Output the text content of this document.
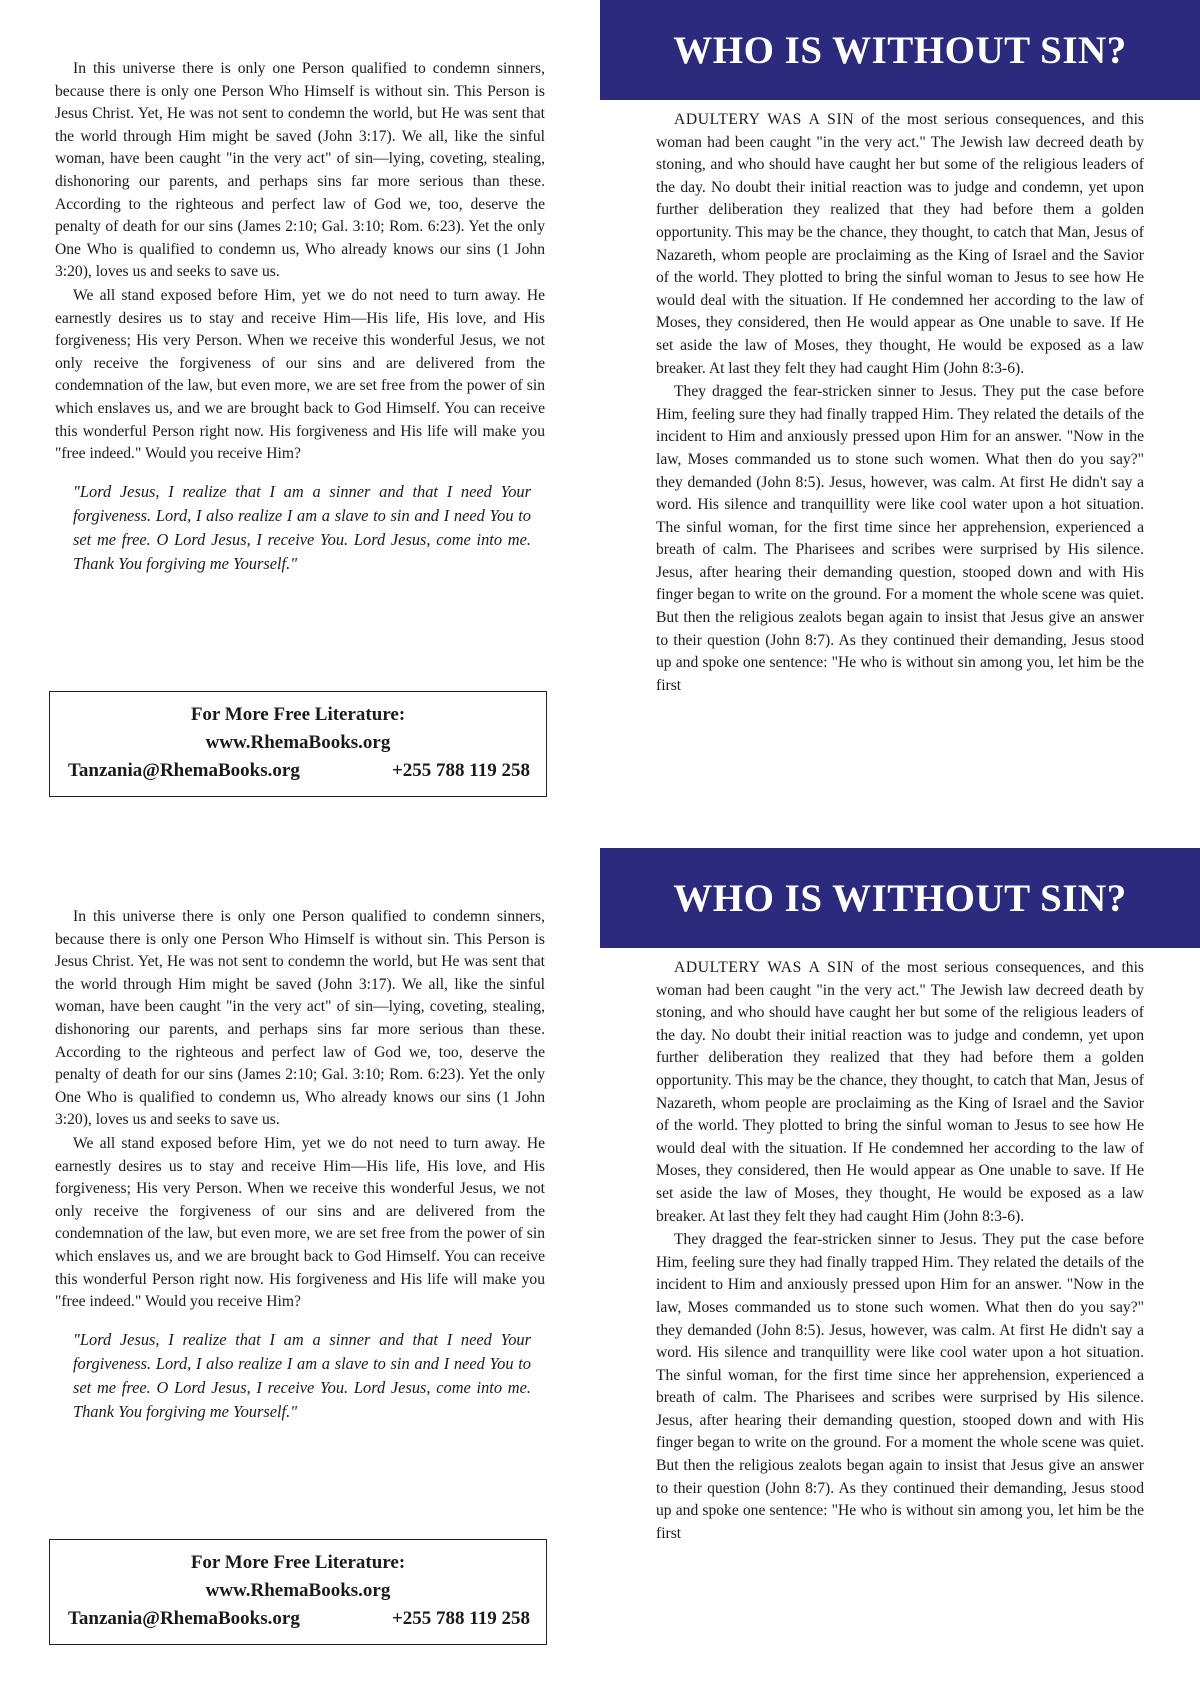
In this universe there is only one Person qualified to condemn sinners, because there is only one Person Who Himself is without sin. This Person is Jesus Christ. Yet, He was not sent to condemn the world, but He was sent that the world through Him might be saved (John 3:17). We all, like the sinful woman, have been caught "in the very act" of sin—lying, coveting, stealing, dishonoring our parents, and perhaps sins far more serious than these. According to the righteous and perfect law of God we, too, deserve the penalty of death for our sins (James 2:10; Gal. 3:10; Rom. 6:23). Yet the only One Who is qualified to condemn us, Who already knows our sins (1 John 3:20), loves us and seeks to save us.

We all stand exposed before Him, yet we do not need to turn away. He earnestly desires us to stay and receive Him—His life, His love, and His forgiveness; His very Person. When we receive this wonderful Jesus, we not only receive the forgiveness of our sins and are delivered from the condemnation of the law, but even more, we are set free from the power of sin which enslaves us, and we are brought back to God Himself. You can receive this wonderful Person right now. His forgiveness and His life will make you "free indeed." Would you receive Him?

"Lord Jesus, I realize that I am a sinner and that I need Your forgiveness. Lord, I also realize I am a slave to sin and I need You to set me free. O Lord Jesus, I receive You. Lord Jesus, come into me. Thank You forgiving me Yourself."

For More Free Literature:
www.RhemaBooks.org
Tanzania@RhemaBooks.org	+255 788 119 258
WHO IS WITHOUT SIN?

ADULTERY WAS A SIN of the most serious consequences, and this woman had been caught "in the very act." The Jewish law decreed death by stoning, and who should have caught her but some of the religious leaders of the day. No doubt their initial reaction was to judge and condemn, yet upon further deliberation they realized that they had before them a golden opportunity. This may be the chance, they thought, to catch that Man, Jesus of Nazareth, whom people are proclaiming as the King of Israel and the Savior of the world. They plotted to bring the sinful woman to Jesus to see how He would deal with the situation. If He condemned her according to the law of Moses, they considered, then He would appear as One unable to save. If He set aside the law of Moses, they thought, He would be exposed as a law breaker. At last they felt they had caught Him (John 8:3-6).

They dragged the fear-stricken sinner to Jesus. They put the case before Him, feeling sure they had finally trapped Him. They related the details of the incident to Him and anxiously pressed upon Him for an answer. "Now in the law, Moses commanded us to stone such women. What then do you say?" they demanded (John 8:5). Jesus, however, was calm. At first He didn't say a word. His silence and tranquillity were like cool water upon a hot situation. The sinful woman, for the first time since her apprehension, experienced a breath of calm. The Pharisees and scribes were surprised by His silence. Jesus, after hearing their demanding question, stooped down and with His finger began to write on the ground. For a moment the whole scene was quiet. But then the religious zealots began again to insist that Jesus give an answer to their question (John 8:7). As they continued their demanding, Jesus stood up and spoke one sentence: "He who is without sin among you, let him be the first

In this universe there is only one Person qualified to condemn sinners, because there is only one Person Who Himself is without sin. This Person is Jesus Christ. Yet, He was not sent to condemn the world, but He was sent that the world through Him might be saved (John 3:17). We all, like the sinful woman, have been caught "in the very act" of sin—lying, coveting, stealing, dishonoring our parents, and perhaps sins far more serious than these. According to the righteous and perfect law of God we, too, deserve the penalty of death for our sins (James 2:10; Gal. 3:10; Rom. 6:23). Yet the only One Who is qualified to condemn us, Who already knows our sins (1 John 3:20), loves us and seeks to save us.

We all stand exposed before Him, yet we do not need to turn away. He earnestly desires us to stay and receive Him—His life, His love, and His forgiveness; His very Person. When we receive this wonderful Jesus, we not only receive the forgiveness of our sins and are delivered from the condemnation of the law, but even more, we are set free from the power of sin which enslaves us, and we are brought back to God Himself. You can receive this wonderful Person right now. His forgiveness and His life will make you "free indeed." Would you receive Him?

"Lord Jesus, I realize that I am a sinner and that I need Your forgiveness. Lord, I also realize I am a slave to sin and I need You to set me free. O Lord Jesus, I receive You. Lord Jesus, come into me. Thank You forgiving me Yourself."

For More Free Literature:
www.RhemaBooks.org
Tanzania@RhemaBooks.org	+255 788 119 258
WHO IS WITHOUT SIN?

ADULTERY WAS A SIN of the most serious consequences, and this woman had been caught "in the very act." The Jewish law decreed death by stoning, and who should have caught her but some of the religious leaders of the day. No doubt their initial reaction was to judge and condemn, yet upon further deliberation they realized that they had before them a golden opportunity. This may be the chance, they thought, to catch that Man, Jesus of Nazareth, whom people are proclaiming as the King of Israel and the Savior of the world. They plotted to bring the sinful woman to Jesus to see how He would deal with the situation. If He condemned her according to the law of Moses, they considered, then He would appear as One unable to save. If He set aside the law of Moses, they thought, He would be exposed as a law breaker. At last they felt they had caught Him (John 8:3-6).

They dragged the fear-stricken sinner to Jesus. They put the case before Him, feeling sure they had finally trapped Him. They related the details of the incident to Him and anxiously pressed upon Him for an answer. "Now in the law, Moses commanded us to stone such women. What then do you say?" they demanded (John 8:5). Jesus, however, was calm. At first He didn't say a word. His silence and tranquillity were like cool water upon a hot situation. The sinful woman, for the first time since her apprehension, experienced a breath of calm. The Pharisees and scribes were surprised by His silence. Jesus, after hearing their demanding question, stooped down and with His finger began to write on the ground. For a moment the whole scene was quiet. But then the religious zealots began again to insist that Jesus give an answer to their question (John 8:7). As they continued their demanding, Jesus stood up and spoke one sentence: "He who is without sin among you, let him be the first
